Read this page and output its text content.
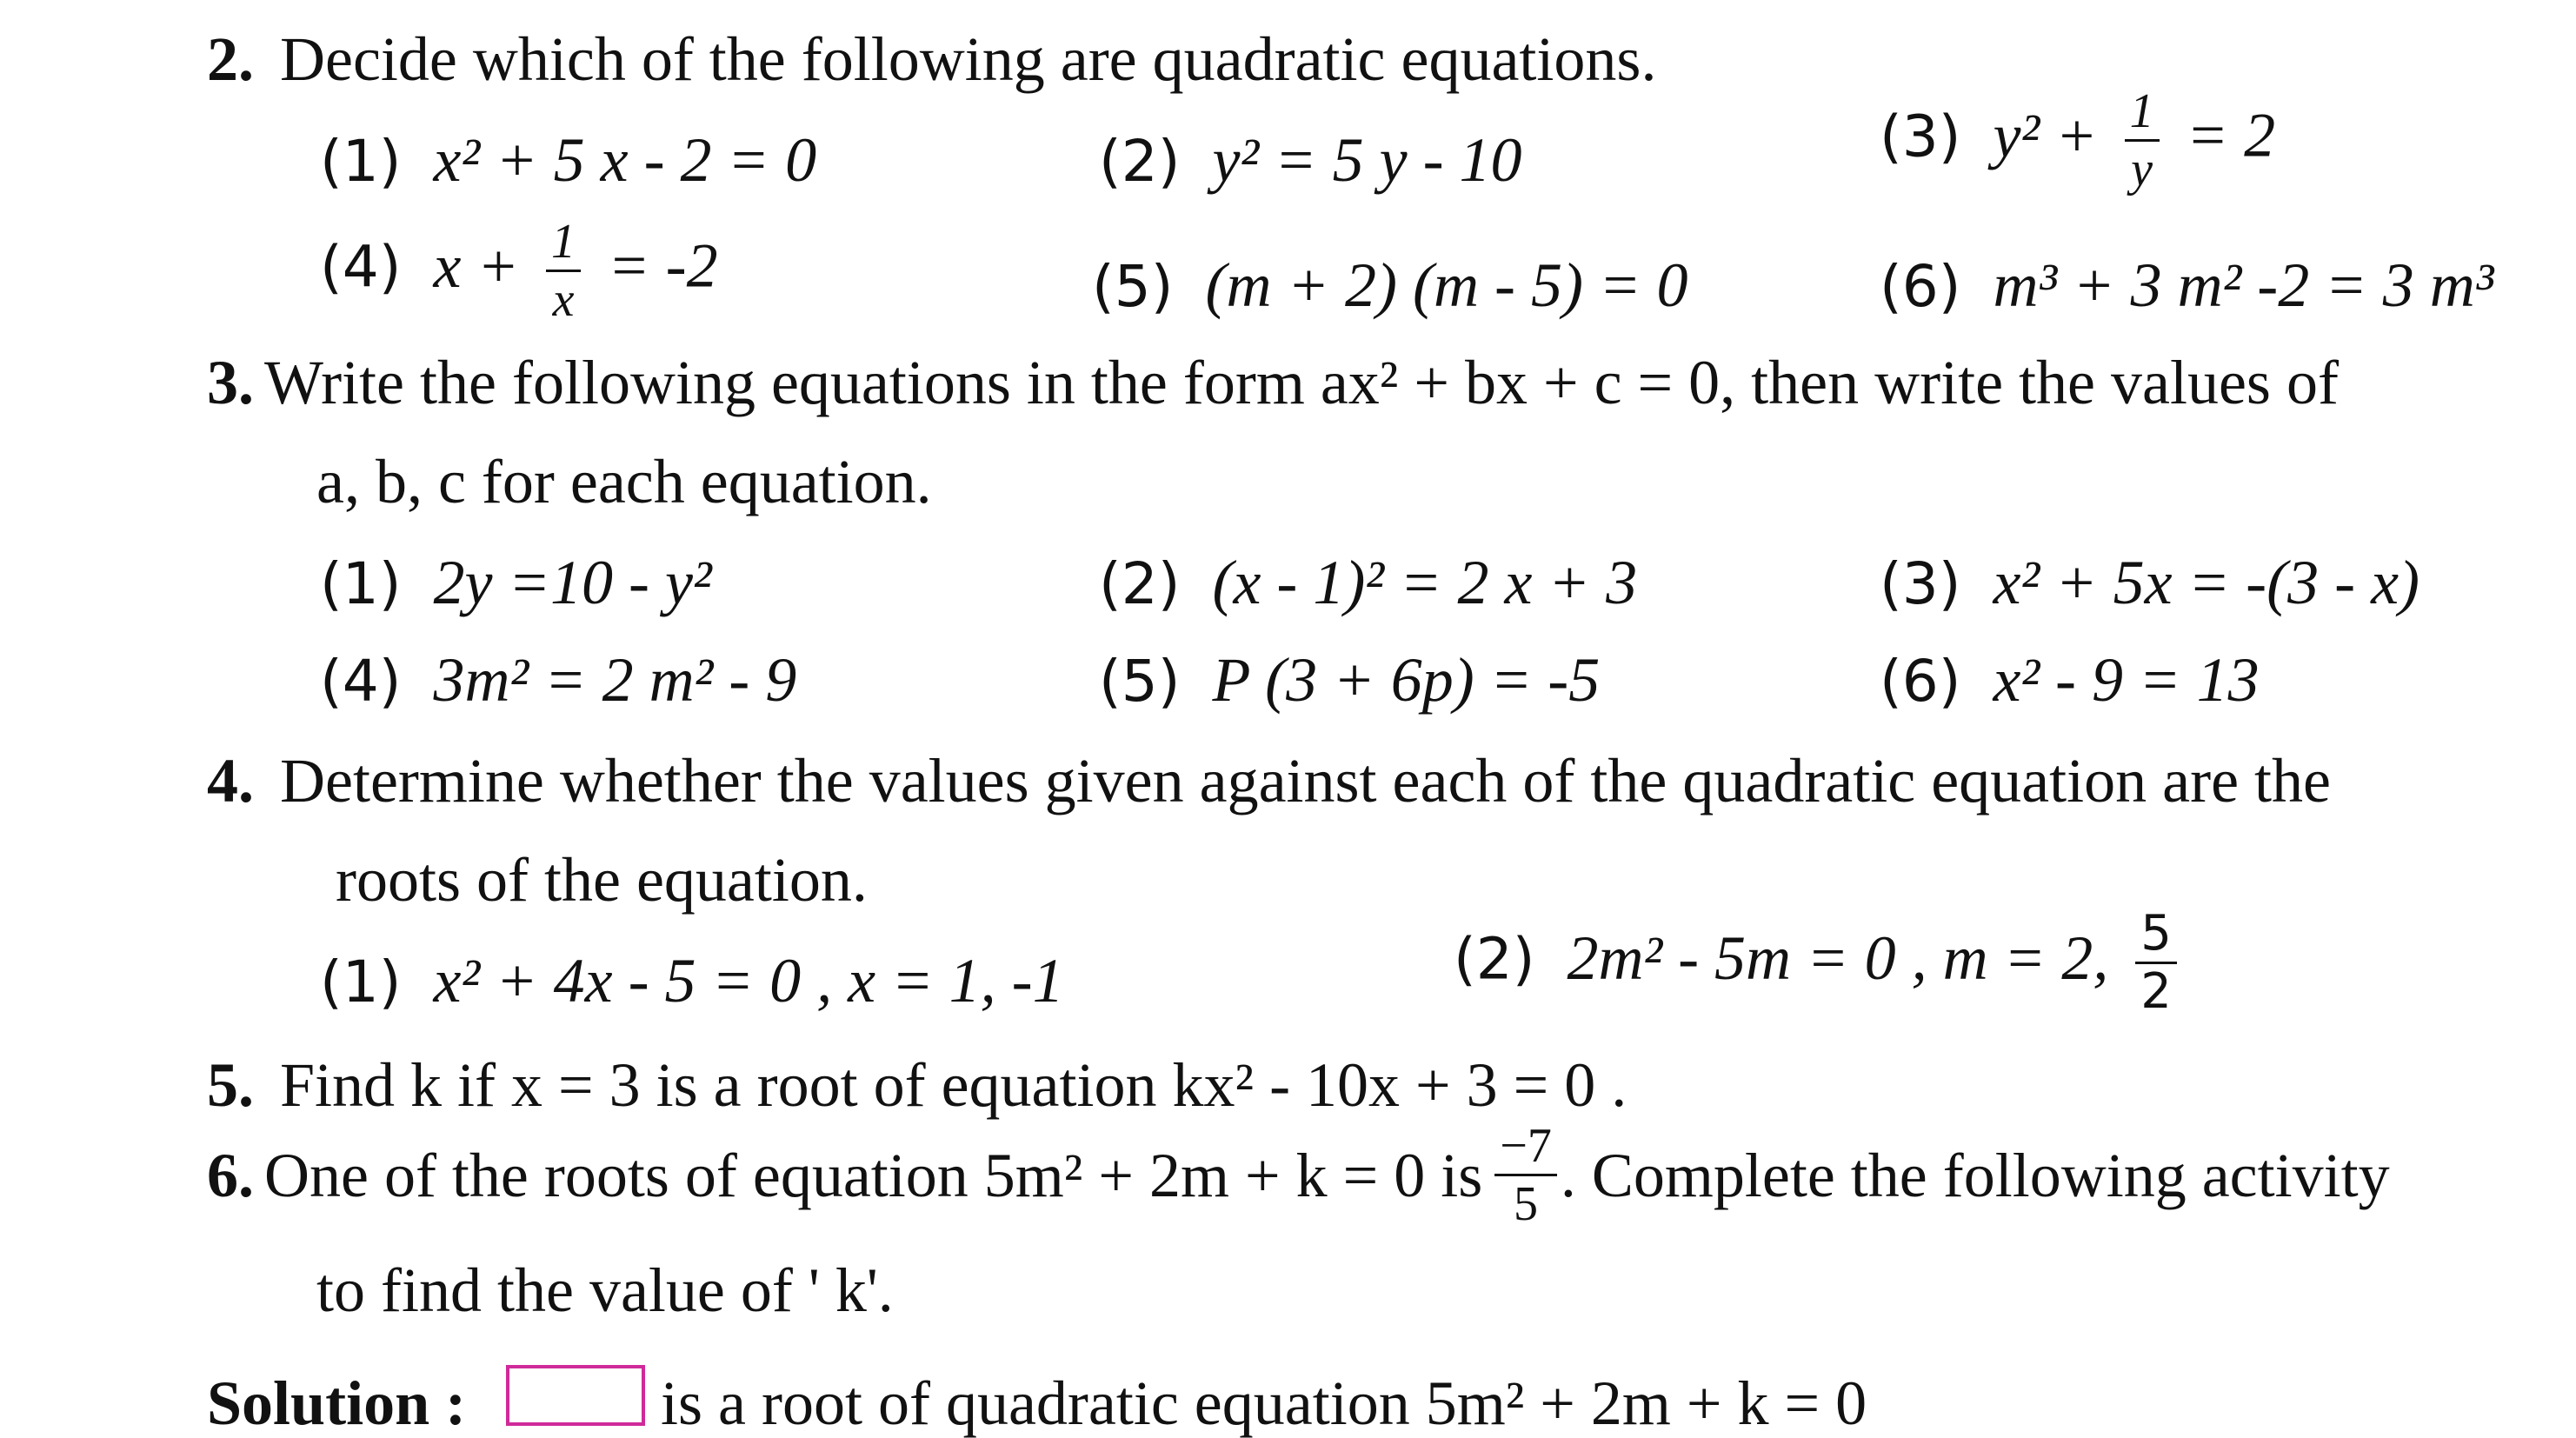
2. Decide which of the following are quadratic equations.
(1) x² + 5 x - 2 = 0	(2) y² = 5 y - 10	(3) $y^2 + \frac{1}{y} = 2$
(4) $x + \frac{1}{x} = -2$	(5) (m + 2) (m - 5) = 0	(6) m³ + 3 m² -2 = 3 m³
3. Write the following equations in the form ax² + bx + c = 0, then write the values of
a, b, c for each equation.
(1) 2y =10 - y²	(2) (x - 1)² = 2 x + 3	(3) x² + 5x = -(3 - x)
(4) 3m² = 2 m² - 9	(5) P (3 + 6p) = -5	(6) x² - 9 = 13
4. Determine whether the values given against each of the quadratic equation are the
roots of the equation.
(1) x² + 4x - 5 = 0 , x = 1, -1	(2) 2m² - 5m = 0 , m = 2, $\frac{5}{2}$
5. Find k if x = 3 is a root of equation kx² - 10x + 3 = 0 .
6. One of the roots of equation 5m² + 2m + k = 0 is $\frac{-7}{5}$ . Complete the following activity
to find the value of ' k'.
Solution :	is a root of quadratic equation 5m² + 2m + k = 0
